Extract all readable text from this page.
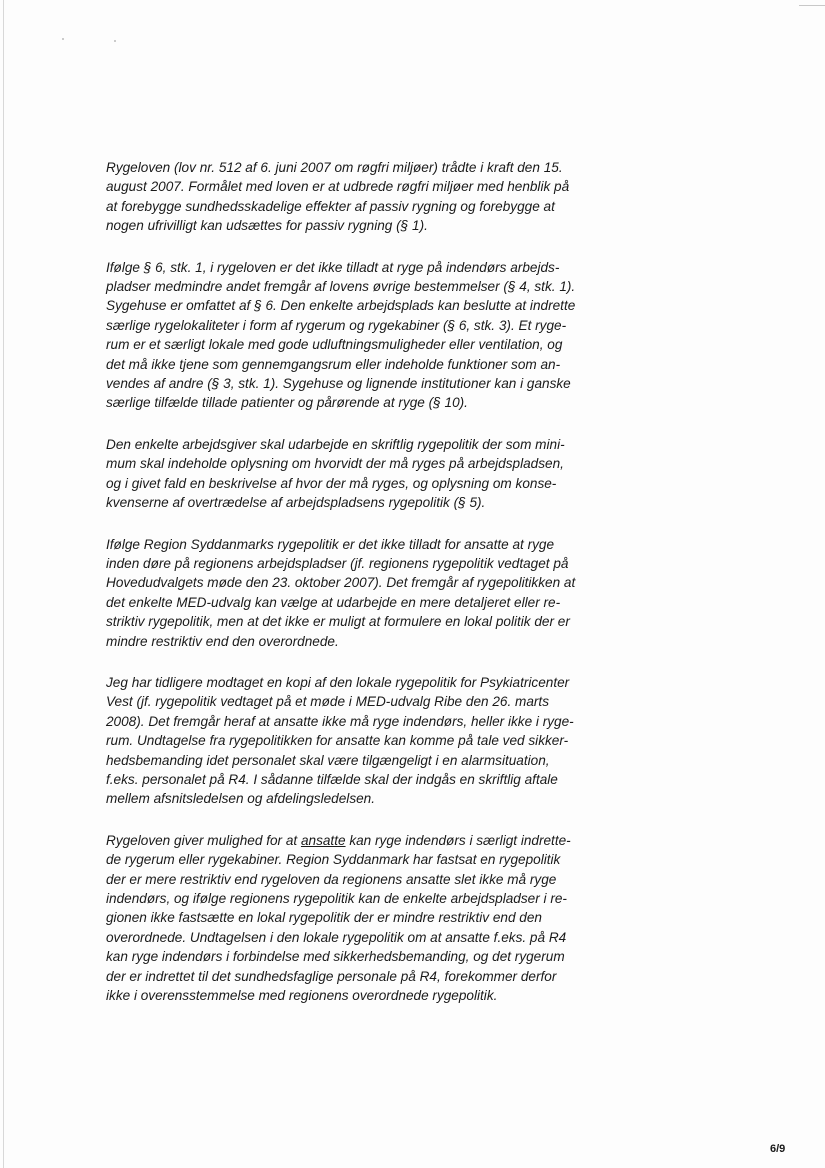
Rygeloven (lov nr. 512 af 6. juni 2007 om røgfri miljøer) trådte i kraft den 15.
august 2007. Formålet med loven er at udbrede røgfri miljøer med henblik på
at forebygge sundhedsskadelige effekter af passiv rygning og forebygge at
nogen ufrivilligt kan udsættes for passiv rygning (§ 1).

Ifølge § 6, stk. 1, i rygeloven er det ikke tilladt at ryge på indendørs arbejds-
pladser medmindre andet fremgår af lovens øvrige bestemmelser (§ 4, stk. 1).
Sygehuse er omfattet af § 6. Den enkelte arbejdsplads kan beslutte at indrette
særlige rygelokaliteter i form af rygerum og rygekabiner (§ 6, stk. 3). Et ryge-
rum er et særligt lokale med gode udluftningsmuligheder eller ventilation, og
det må ikke tjene som gennemgangsrum eller indeholde funktioner som an-
vendes af andre (§ 3, stk. 1). Sygehuse og lignende institutioner kan i ganske
særlige tilfælde tillade patienter og pårørende at ryge (§ 10).

Den enkelte arbejdsgiver skal udarbejde en skriftlig rygepolitik der som mini-
mum skal indeholde oplysning om hvorvidt der må ryges på arbejdspladsen,
og i givet fald en beskrivelse af hvor der må ryges, og oplysning om konse-
kvenserne af overtrædelse af arbejdspladsens rygepolitik (§ 5).

Ifølge Region Syddanmarks rygepolitik er det ikke tilladt for ansatte at ryge
inden døre på regionens arbejdspladser (jf. regionens rygepolitik vedtaget på
Hovedudvalgets møde den 23. oktober 2007). Det fremgår af rygepolitikken at
det enkelte MED-udvalg kan vælge at udarbejde en mere detaljeret eller re-
striktiv rygepolitik, men at det ikke er muligt at formulere en lokal politik der er
mindre restriktiv end den overordnede.

Jeg har tidligere modtaget en kopi af den lokale rygepolitik for Psykiatricenter
Vest (jf. rygepolitik vedtaget på et møde i MED-udvalg Ribe den 26. marts
2008). Det fremgår heraf at ansatte ikke må ryge indendørs, heller ikke i ryge-
rum. Undtagelse fra rygepolitikken for ansatte kan komme på tale ved sikker-
hedsbemanding idet personalet skal være tilgængeligt i en alarmsituation,
f.eks. personalet på R4. I sådanne tilfælde skal der indgås en skriftlig aftale
mellem afsnitsledelsen og afdelingsledelsen.

Rygeloven giver mulighed for at ansatte kan ryge indendørs i særligt indrette-
de rygerum eller rygekabiner. Region Syddanmark har fastsat en rygepolitik
der er mere restriktiv end rygeloven da regionens ansatte slet ikke må ryge
indendørs, og ifølge regionens rygepolitik kan de enkelte arbejdspladser i re-
gionen ikke fastsætte en lokal rygepolitik der er mindre restriktiv end den
overordnede. Undtagelsen i den lokale rygepolitik om at ansatte f.eks. på R4
kan ryge indendørs i forbindelse med sikkerhedsbemanding, og det rygerum
der er indrettet til det sundhedsfaglige personale på R4, forekommer derfor
ikke i overensstemmelse med regionens overordnede rygepolitik.

6/9
